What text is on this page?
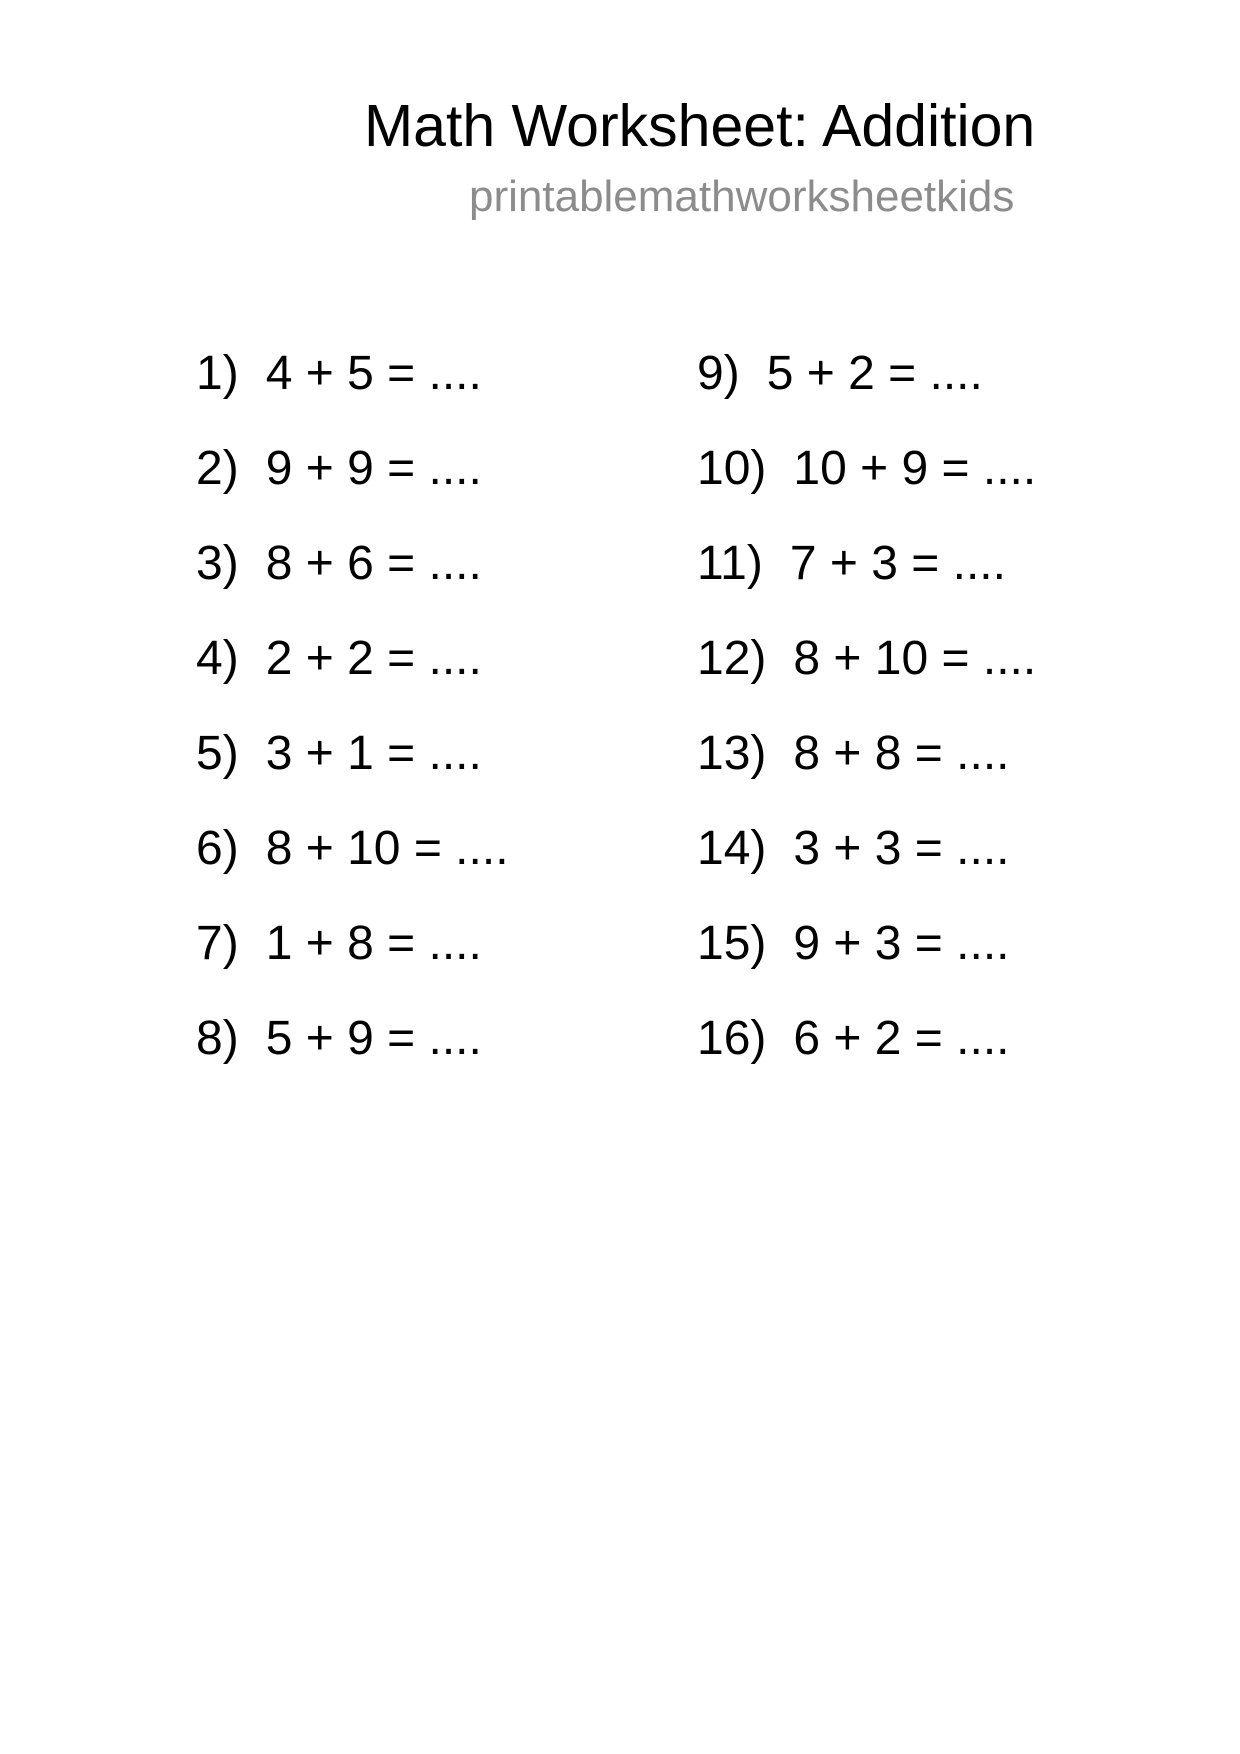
Math Worksheet: Addition
printablemathworksheetkids
1) 4 + 5 = ....
2) 9 + 9 = ....
3) 8 + 6 = ....
4) 2 + 2 = ....
5) 3 + 1 = ....
6) 8 + 10 = ....
7) 1 + 8 = ....
8) 5 + 9 = ....
9) 5 + 2 = ....
10) 10 + 9 = ....
11) 7 + 3 = ....
12) 8 + 10 = ....
13) 8 + 8 = ....
14) 3 + 3 = ....
15) 9 + 3 = ....
16) 6 + 2 = ....
